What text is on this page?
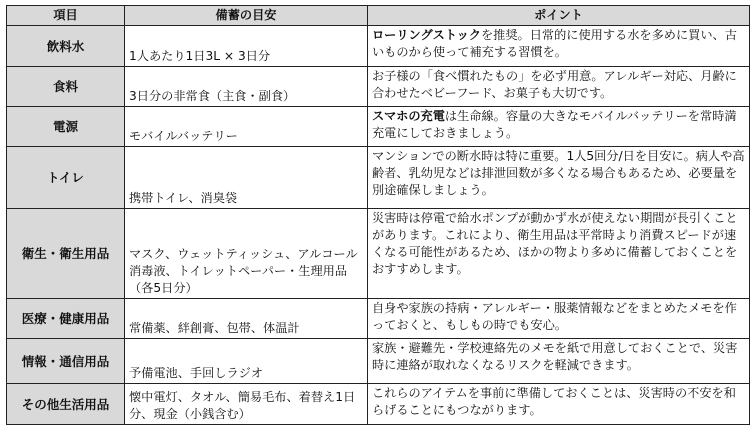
項目	備蓄の目安	ポイント
飲料水	1人あたり1日3L × 3日分	ローリングストックを推奨。日常的に使用する水を多めに買い、古いものから使って補充する習慣を。
食料	3日分の非常食（主食・副食）	お子様の「食べ慣れたもの」を必ず用意。アレルギー対応、月齢に合わせたベビーフード、お菓子も大切です。
電源	モバイルバッテリー	スマホの充電は生命線。容量の大きなモバイルバッテリーを常時満充電にしておきましょう。
トイレ	携帯トイレ、消臭袋	マンションでの断水時は特に重要。1人5回分/日を目安に。病人や高齢者、乳幼児などは排泄回数が多くなる場合もあるため、必要量を別途確保しましょう。
衛生・衛生用品	マスク、ウェットティッシュ、アルコール消毒液、トイレットペーパー・生理用品（各5日分）	災害時は停電で給水ポンプが動かず水が使えない期間が長引くことがあります。これにより、衛生用品は平常時より消費スピードが速くなる可能性があるため、ほかの物より多めに備蓄しておくことをおすすめします。
医療・健康用品	常備薬、絆創膏、包帯、体温計	自身や家族の持病・アレルギー・服薬情報などをまとめたメモを作っておくと、もしもの時でも安心。
情報・通信用品	予備電池、手回しラジオ	家族・避難先・学校連絡先のメモを紙で用意しておくことで、災害時に連絡が取れなくなるリスクを軽減できます。
その他生活用品	懐中電灯、タオル、簡易毛布、着替え1日分、現金（小銭含む）	これらのアイテムを事前に準備しておくことは、災害時の不安を和らげることにもつながります。
